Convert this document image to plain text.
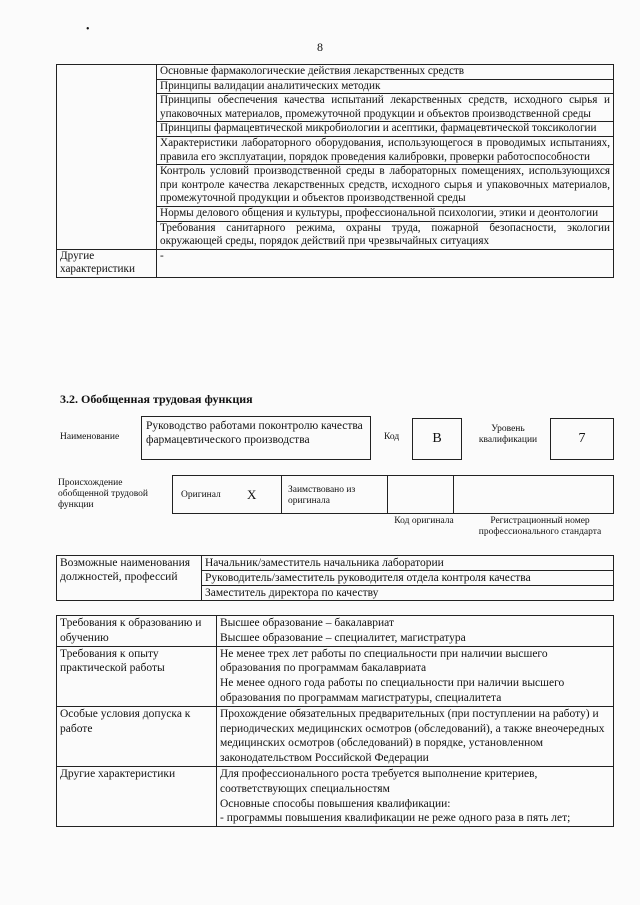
•
8
	Основные фармакологические действия лекарственных средств
	Принципы валидации аналитических методик
	Принципы обеспечения качества испытаний лекарственных средств, исходного сырья и упаковочных материалов, промежуточной продукции и объектов производственной среды
	Принципы фармацевтической микробиологии и асептики, фармацевтической токсикологии
	Характеристики лабораторного оборудования, использующегося в проводимых испытаниях, правила его эксплуатации, порядок проведения калибровки, проверки работоспособности
	Контроль условий производственной среды в лабораторных помещениях, использующихся при контроле качества лекарственных средств, исходного сырья и упаковочных материалов, промежуточной продукции и объектов производственной среды
	Нормы делового общения и культуры, профессиональной психологии, этики и деонтологии
	Требования санитарного режима, охраны труда, пожарной безопасности, экологии окружающей среды, порядок действий при чрезвычайных ситуациях
Другие характеристики	-
3.2. Обобщенная трудовая функция
Наименование
Руководство работами поконтролю качества фармацевтического производства	Код	В
Уровень квалификации	7
Происхождение обобщенной трудовой функции
Оригинал X	Заимствовано из оригинала
Код оригинала	Регистрационный номер профессионального стандарта
Возможные наименования должностей, профессий	Начальник/заместитель начальника лаборатории
Руководитель/заместитель руководителя отдела контроля качества
Заместитель директора по качеству
Требования к образованию и обучению	Высшее образование – бакалавриат
Высшее образование – специалитет, магистратура

Требования к опыту практической работы	Не менее трех лет работы по специальности при наличии высшего образования по программам бакалавриата
Не менее одного года работы по специальности при наличии высшего образования по программам магистратуры, специалитета

Особые условия допуска к работе	Прохождение обязательных предварительных (при поступлении на работу) и периодических медицинских осмотров (обследований), а также внеочередных медицинских осмотров (обследований) в порядке, установленном законодательством Российской Федерации

Другие характеристики	Для профессионального роста требуется выполнение критериев, соответствующих специальностям
Основные способы повышения квалификации:
- программы повышения квалификации не реже одного раза в пять лет;
